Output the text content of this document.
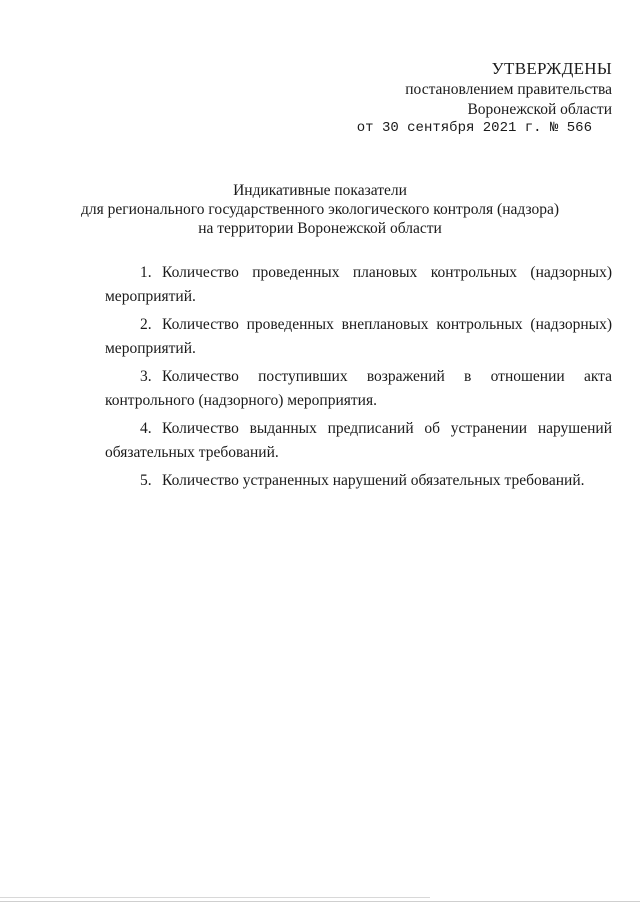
УТВЕРЖДЕНЫ
постановлением правительства
Воронежской области
от 30 сентября 2021 г. № 566
Индикативные показатели
для регионального государственного экологического контроля (надзора)
на территории Воронежской области

1. Количество проведенных плановых контрольных (надзорных) мероприятий.

2. Количество проведенных внеплановых контрольных (надзорных) мероприятий.

3. Количество поступивших возражений в отношении акта контрольного (надзорного) мероприятия.

4. Количество выданных предписаний об устранении нарушений обязательных требований.

5. Количество устраненных нарушений обязательных требований.
